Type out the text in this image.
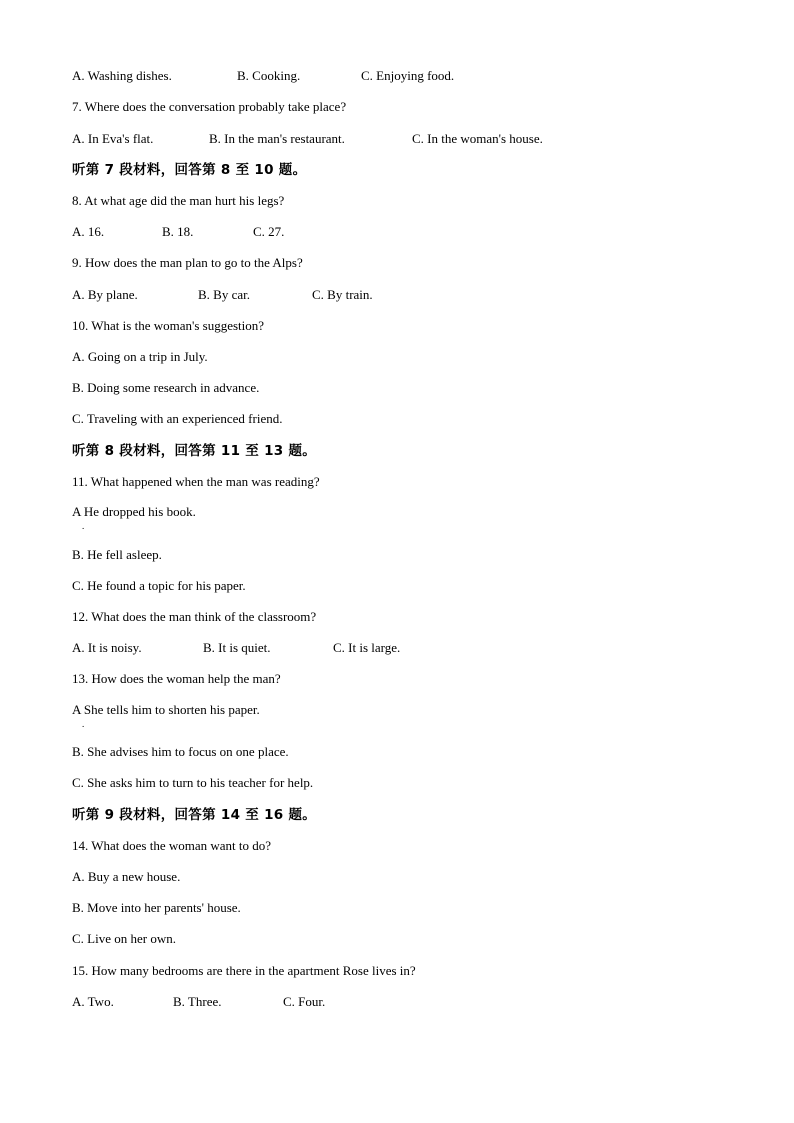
A. Washing dishes.	B. Cooking.	C. Enjoying food.
7. Where does the conversation probably take place?
A. In Eva's flat.	B. In the man's restaurant.	C. In the woman's house.
听第 7 段材料，回答第 8 至 10 题。
8. At what age did the man hurt his legs?
A. 16.	B. 18.	C. 27.
9. How does the man plan to go to the Alps?
A. By plane.	B. By car.	C. By train.
10. What is the woman's suggestion?
A. Going on a trip in July.
B. Doing some research in advance.
C. Traveling with an experienced friend.
听第 8 段材料，回答第 11 至 13 题。
11. What happened when the man was reading?
A He dropped his book.
.
B. He fell asleep.
C. He found a topic for his paper.
12. What does the man think of the classroom?
A. It is noisy.	B. It is quiet.	C. It is large.
13. How does the woman help the man?
A She tells him to shorten his paper.
.
B. She advises him to focus on one place.
C. She asks him to turn to his teacher for help.
听第 9 段材料，回答第 14 至 16 题。
14. What does the woman want to do?
A. Buy a new house.
B. Move into her parents' house.
C. Live on her own.
15. How many bedrooms are there in the apartment Rose lives in?
A. Two.	B. Three.	C. Four.
